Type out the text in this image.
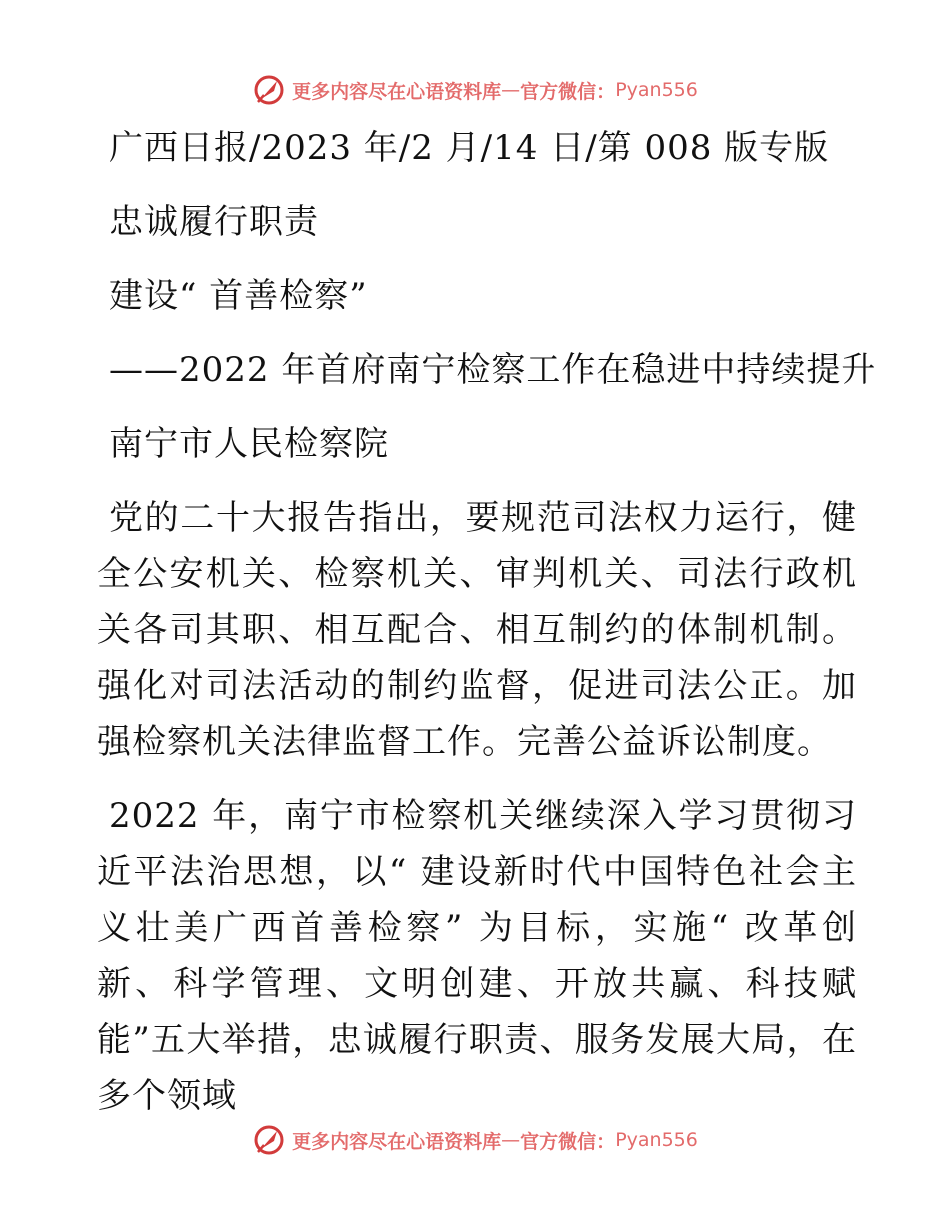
更多内容尽在心语资料库 — 官方微信： Pyan556
广西日报/2023 年/2 月/14 日/第 008 版专版
忠诚履行职责
建设“ 首善检察”
——2022 年首府南宁检察工作在稳进中持续提升
南宁市人民检察院

党的二十大报告指出，要规范司法权力运行，健全公安机关、检察机关、审判机关、司法行政机关各司其职、相互配合、相互制约的体制机制。强化对司法活动的制约监督，促进司法公正。加强检察机关法律监督工作。完善公益诉讼制度。

2022 年，南宁市检察机关继续深入学习贯彻习近平法治思想，以“ 建设新时代中国特色社会主义壮美广西首善检察” 为目标，实施“ 改革创新、科学管理、文明创建、开放共赢、科技赋能”五大举措，忠诚履行职责、服务发展大局，在多个领域

更多内容尽在心语资料库 — 官方微信： Pyan556
